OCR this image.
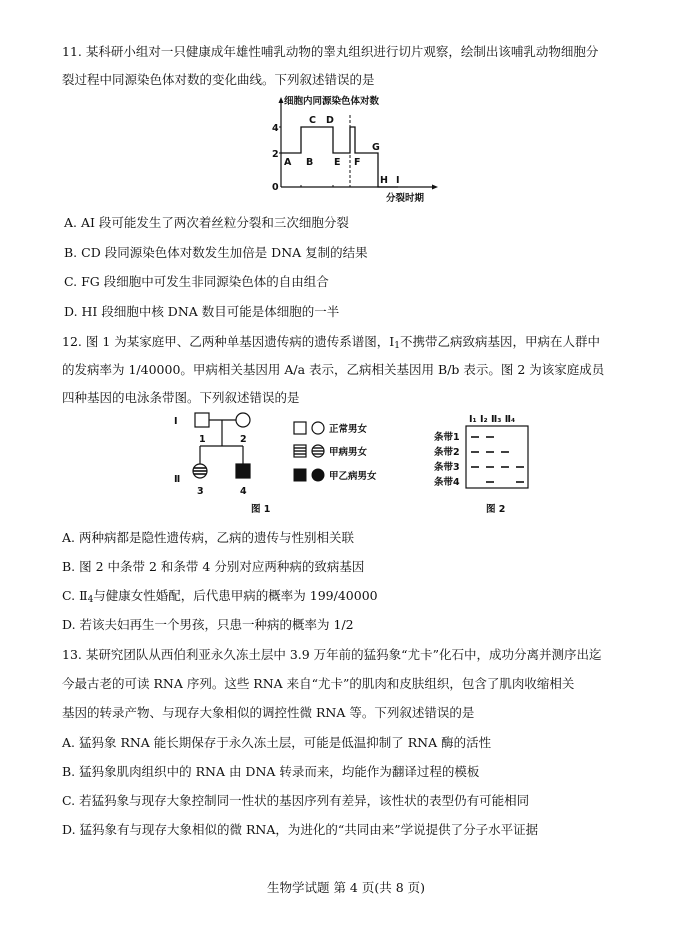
11. 某科研小组对一只健康成年雄性哺乳动物的睾丸组织进行切片观察，绘制出该哺乳动物细胞分
裂过程中同源染色体对数的变化曲线。下列叙述错误的是
细胞内同源染色体对数
4
2
0
A B
C D
E F
G
H I
分裂时期
A. AI 段可能发生了两次着丝粒分裂和三次细胞分裂
B. CD 段同源染色体对数发生加倍是 DNA 复制的结果
C. FG 段细胞中可发生非同源染色体的自由组合
D. HI 段细胞中核 DNA 数目可能是体细胞的一半
12. 图 1 为某家庭甲、乙两种单基因遗传病的遗传系谱图，$Ⅰ_1$不携带乙病致病基因，甲病在人群中
的发病率为 1/40000。甲病相关基因用 A/a 表示，乙病相关基因用 B/b 表示。图 2 为该家庭成员
四种基因的电泳条带图。下列叙述错误的是
Ⅰ
Ⅱ
1	2
3	4
正常男女
甲病男女
甲乙病男女
图 1
Ⅰ₁ Ⅰ₂ Ⅱ₃ Ⅱ₄
条带1
条带2
条带3
条带4
图 2
A. 两种病都是隐性遗传病，乙病的遗传与性别相关联
B. 图 2 中条带 2 和条带 4 分别对应两种病的致病基因
C. $Ⅱ_4$与健康女性婚配，后代患甲病的概率为 199/40000
D. 若该夫妇再生一个男孩，只患一种病的概率为 1/2
13. 某研究团队从西伯利亚永久冻土层中 3.9 万年前的猛犸象“尤卡”化石中，成功分离并测序出迄
今最古老的可读 RNA 序列。这些 RNA 来自“尤卡”的肌肉和皮肤组织，包含了肌肉收缩相关
基因的转录产物、与现存大象相似的调控性微 RNA 等。下列叙述错误的是
A. 猛犸象 RNA 能长期保存于永久冻土层，可能是低温抑制了 RNA 酶的活性
B. 猛犸象肌肉组织中的 RNA 由 DNA 转录而来，均能作为翻译过程的模板
C. 若猛犸象与现存大象控制同一性状的基因序列有差异，该性状的表型仍有可能相同
D. 猛犸象有与现存大象相似的微 RNA，为进化的“共同由来”学说提供了分子水平证据
生物学试题 第 4 页(共 8 页)
